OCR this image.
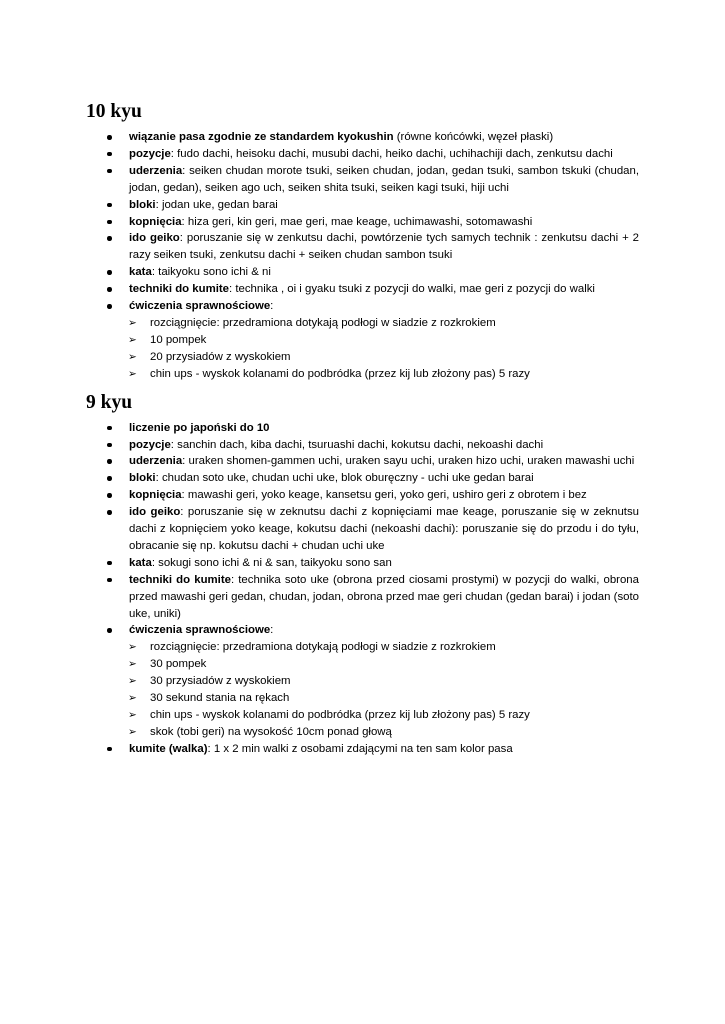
10 kyu
wiązanie pasa zgodnie ze standardem kyokushin (równe końcówki, węzeł płaski)
pozycje: fudo dachi, heisoku dachi, musubi dachi, heiko dachi, uchihachiji dach, zenkutsu dachi
uderzenia: seiken chudan morote tsuki, seiken chudan, jodan, gedan tsuki, sambon tskuki (chudan, jodan, gedan), seiken ago uch, seiken shita tsuki, seiken kagi tsuki, hiji uchi
bloki: jodan uke, gedan barai
kopnięcia: hiza geri, kin geri, mae geri, mae keage, uchimawashi, sotomawashi
ido geiko: poruszanie się w zenkutsu dachi, powtórzenie tych samych technik : zenkutsu dachi + 2 razy seiken tsuki, zenkutsu dachi + seiken chudan sambon tsuki
kata: taikyoku sono ichi & ni
techniki do kumite: technika , oi i gyaku tsuki z pozycji do walki, mae geri z pozycji do walki
ćwiczenia sprawnościowe:
➢ rozciągnięcie: przedramiona dotykają podłogi w siadzie z rozkrokiem
➢ 10 pompek
➢ 20 przysiadów z wyskokiem
➢ chin ups - wyskok kolanami do podbródka (przez kij lub złożony pas) 5 razy
9 kyu
liczenie po japoński do 10
pozycje: sanchin dach, kiba dachi, tsuruashi dachi, kokutsu dachi, nekoashi dachi
uderzenia: uraken shomen-gammen uchi, uraken sayu uchi, uraken hizo uchi, uraken mawashi uchi
bloki: chudan soto uke, chudan uchi uke, blok oburęczny - uchi uke gedan barai
kopnięcia: mawashi geri, yoko keage, kansetsu geri, yoko geri, ushiro geri z obrotem i bez
ido geiko: poruszanie się w zeknutsu dachi z kopnięciami mae keage, poruszanie się w zeknutsu dachi z kopnięciem yoko keage, kokutsu dachi (nekoashi dachi): poruszanie się do przodu i do tyłu, obracanie się np. kokutsu dachi + chudan uchi uke
kata: sokugi sono ichi & ni & san, taikyoku sono san
techniki do kumite: technika soto uke (obrona przed ciosami prostymi) w pozycji do walki, obrona przed mawashi geri gedan, chudan, jodan, obrona przed mae geri chudan (gedan barai) i jodan (soto uke, uniki)
ćwiczenia sprawnościowe:
➢ rozciągnięcie: przedramiona dotykają podłogi w siadzie z rozkrokiem
➢ 30 pompek
➢ 30 przysiadów z wyskokiem
➢ 30 sekund stania na rękach
➢ chin ups - wyskok kolanami do podbródka (przez kij lub złożony pas) 5 razy
➢ skok (tobi geri) na wysokość 10cm ponad głową
kumite (walka): 1 x 2 min walki z osobami zdającymi na ten sam kolor pasa
